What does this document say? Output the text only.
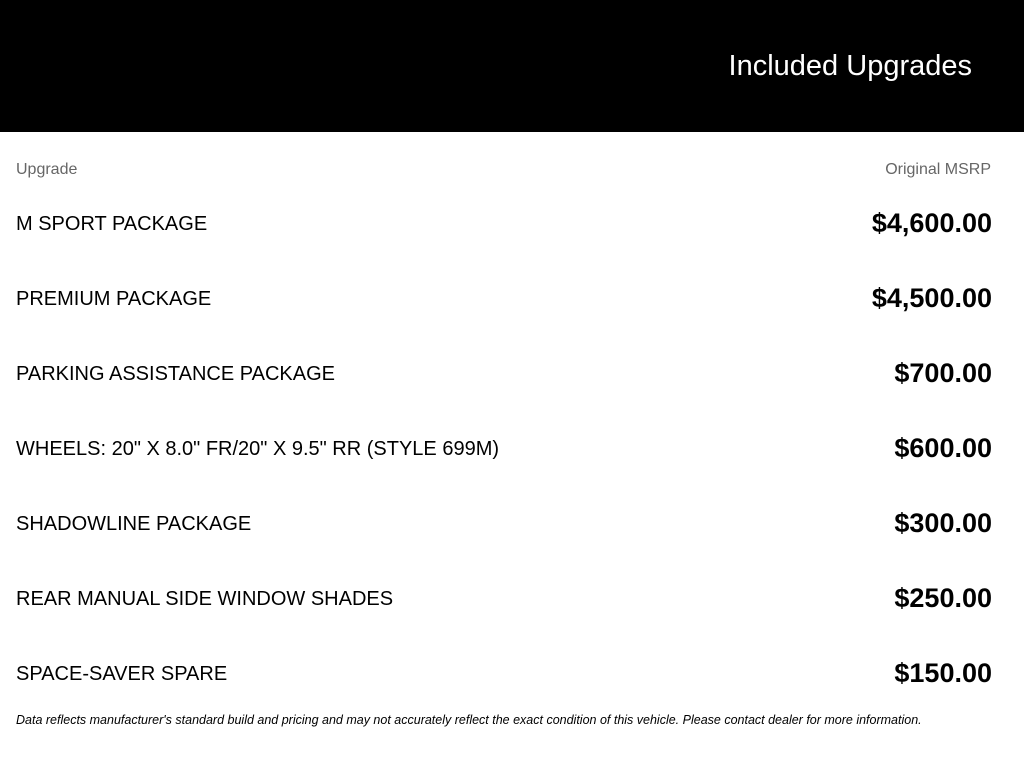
Included Upgrades
Upgrade	Original MSRP
M SPORT PACKAGE	$4,600.00
PREMIUM PACKAGE	$4,500.00
PARKING ASSISTANCE PACKAGE	$700.00
WHEELS: 20" X 8.0" FR/20" X 9.5" RR (STYLE 699M)	$600.00
SHADOWLINE PACKAGE	$300.00
REAR MANUAL SIDE WINDOW SHADES	$250.00
SPACE-SAVER SPARE	$150.00
Data reflects manufacturer's standard build and pricing and may not accurately reflect the exact condition of this vehicle. Please contact dealer for more information.
